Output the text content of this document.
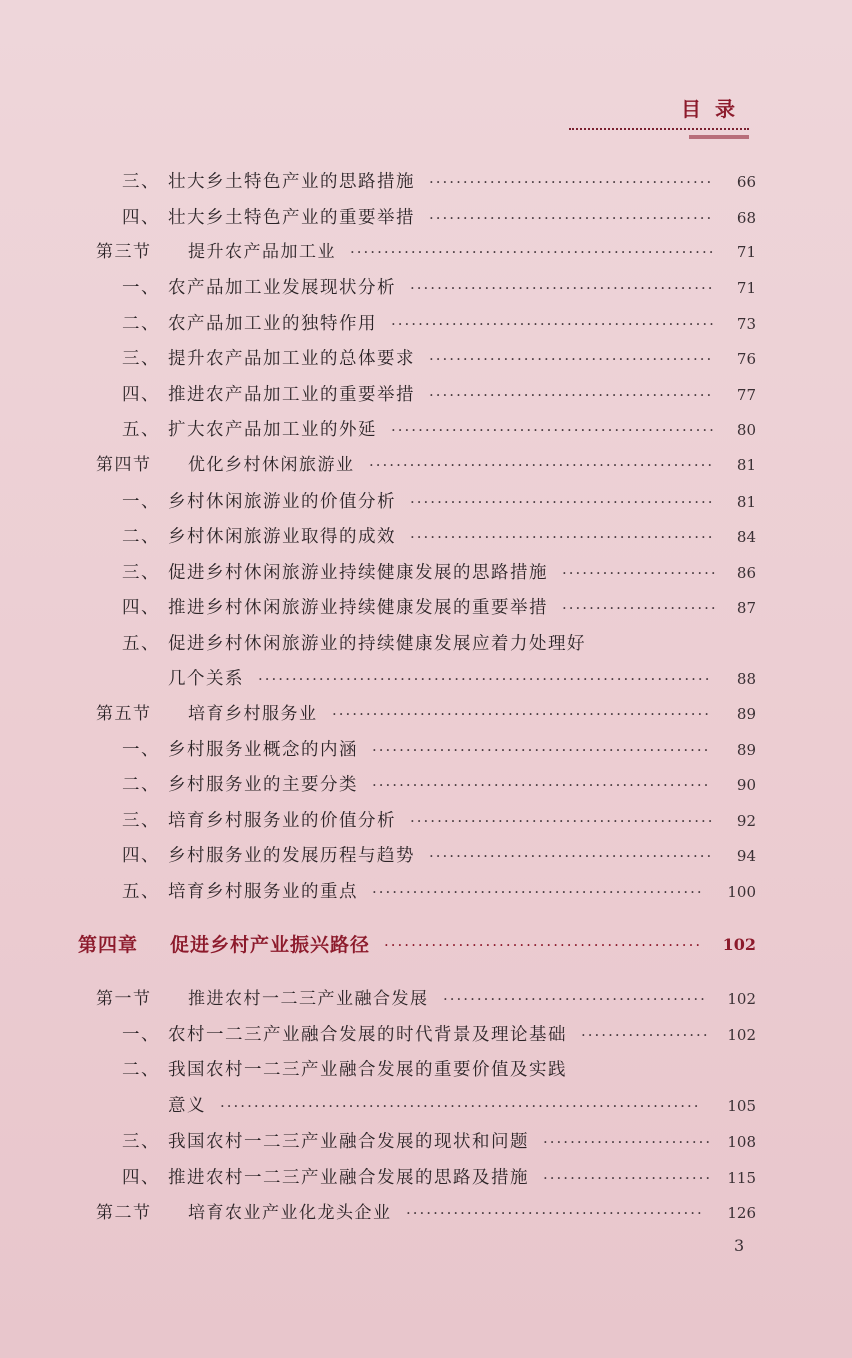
目录
三、 壮大乡土特色产业的思路措施	66
··········································
四、 壮大乡土特色产业的重要举措	68
··········································
第三节 提升农产品加工业	71
······················································
一、 农产品加工业发展现状分析	71
·············································
二、 农产品加工业的独特作用	73
················································
三、 提升农产品加工业的总体要求	76
··········································
四、 推进农产品加工业的重要举措	77
··········································
五、 扩大农产品加工业的外延	80
················································
第四节 优化乡村休闲旅游业	81
···················································
一、 乡村休闲旅游业的价值分析	81
·············································
二、 乡村休闲旅游业取得的成效	84
·············································
三、 促进乡村休闲旅游业持续健康发展的思路措施	86
·······················
四、 推进乡村休闲旅游业持续健康发展的重要举措	87
·······················
五、 促进乡村休闲旅游业的持续健康发展应着力处理好
几个关系	88
···································································
第五节 培育乡村服务业	89
························································
一、 乡村服务业概念的内涵	89
··················································
二、 乡村服务业的主要分类	90
··················································
三、 培育乡村服务业的价值分析	92
·············································
四、 乡村服务业的发展历程与趋势	94
··········································
五、 培育乡村服务业的重点	100
·················································
第四章 促进乡村产业振兴路径	102
···············································
第一节 推进农村一二三产业融合发展	102
·······································
一、 农村一二三产业融合发展的时代背景及理论基础	102
···················
二、 我国农村一二三产业融合发展的重要价值及实践
意义	105
·······································································
三、 我国农村一二三产业融合发展的现状和问题	108
·························
四、 推进农村一二三产业融合发展的思路及措施	115
·························
第二节 培育农业产业化龙头企业	126
············································
3
